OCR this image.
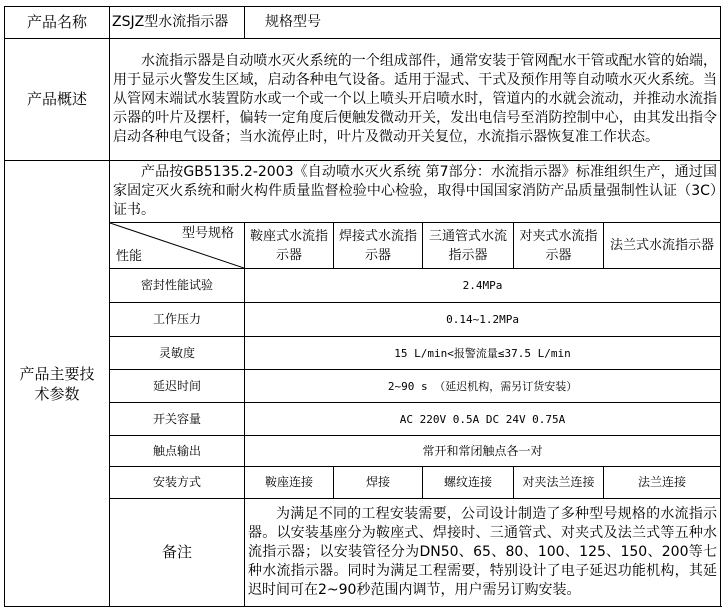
产品名称	ZSJZ型水流指示器	规格型号				
产品概述	水流指示器是自动喷水灭火系统的一个组成部件，通常安装于管网配水干管或配水管的始端，用于显示火警发生区域，启动各种电气设备。适用于湿式、干式及预作用等自动喷水灭火系统。当从管网末端试水装置防水或一个或一个以上喷头开启喷水时，管道内的水就会流动，并推动水流指示器的叶片及摆杆，偏转一定角度后便触发微动开关，发出电信号至消防控制中心，由其发出指令启动各种电气设备；当水流停止时，叶片及微动开关复位，水流指示器恢复准工作状态。					
产品主要技术参数	产品按GB5135.2-2003《自动喷水灭火系统 第7部分：水流指示器》标准组织生产，通过国家固定灭火系统和耐火构件质量监督检验中心检验，取得中国国家消防产品质量强制性认证（3C）证书。					

	型号规格
性能	鞍座式水流指示器	焊接式水流指示器	三通管式水流指示器	对夹式水流指示器	法兰式水流指示器
	密封性能试验	2.4MPa				
	工作压力	0.14~1.2MPa				
	灵敏度	15 L/min<报警流量≤37.5 L/min				
	延迟时间	2~90 s （延迟机构，需另订货安装）				
	开关容量	AC 220V 0.5A DC 24V 0.75A				
	触点输出	常开和常闭触点各一对				
	安装方式	鞍座连接	焊接	螺纹连接	对夹法兰连接	法兰连接
	备注	为满足不同的工程安装需要，公司设计制造了多种型号规格的水流指示器。以安装基座分为鞍座式、焊接时、三通管式、对夹式及法兰式等五种水流指示器；以安装管径分为DN50、65、80、100、125、150、200等七种水流指示器。同时为满足工程需要，特别设计了电子延迟功能机构，其延迟时间可在2~90秒范围内调节，用户需另订购安装。				
